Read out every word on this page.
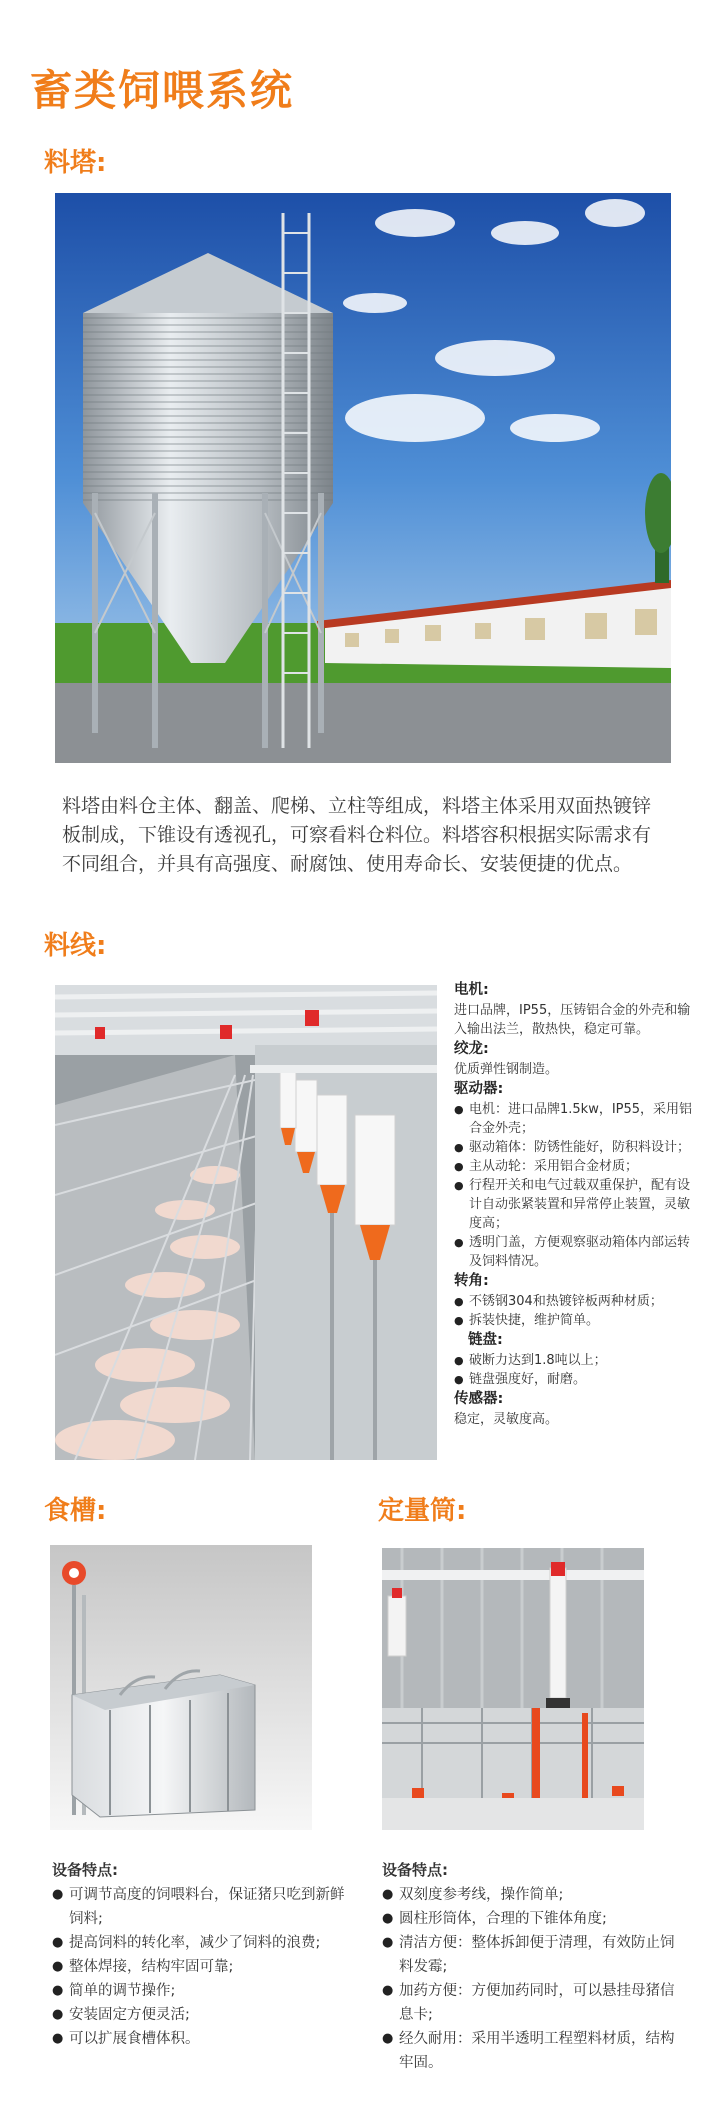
畜类饲喂系统
料塔:
料塔由料仓主体、翻盖、爬梯、立柱等组成，料塔主体采用双面热镀锌板制成，下锥设有透视孔，可察看料仓料位。料塔容积根据实际需求有不同组合，并具有高强度、耐腐蚀、使用寿命长、安装便捷的优点。
料线:
电机:
进口品牌，IP55，压铸铝合金的外壳和输入输出法兰，散热快，稳定可靠。
绞龙:
优质弹性钢制造。
驱动器:
● 电机：进口品牌1.5kw，IP55，采用铝合金外壳；
● 驱动箱体：防锈性能好，防积料设计；
● 主从动轮：采用铝合金材质；
● 行程开关和电气过载双重保护，配有设计自动张紧装置和异常停止装置，灵敏度高；
● 透明门盖，方便观察驱动箱体内部运转及饲料情况。
转角:
● 不锈钢304和热镀锌板两种材质；
● 拆装快捷，维护简单。
链盘:
● 破断力达到1.8吨以上；
● 链盘强度好，耐磨。
传感器:
稳定，灵敏度高。
食槽:
设备特点:
● 可调节高度的饲喂料台，保证猪只吃到新鲜饲料;
● 提高饲料的转化率，减少了饲料的浪费;
● 整体焊接，结构牢固可靠;
● 简单的调节操作;
● 安装固定方便灵活;
● 可以扩展食槽体积。
定量筒:
设备特点:
● 双刻度参考线，操作简单;
● 圆柱形筒体，合理的下锥体角度;
● 清洁方便：整体拆卸便于清理，有效防止饲料发霉;
● 加药方便：方便加药同时，可以悬挂母猪信息卡;
● 经久耐用：采用半透明工程塑料材质，结构牢固。
